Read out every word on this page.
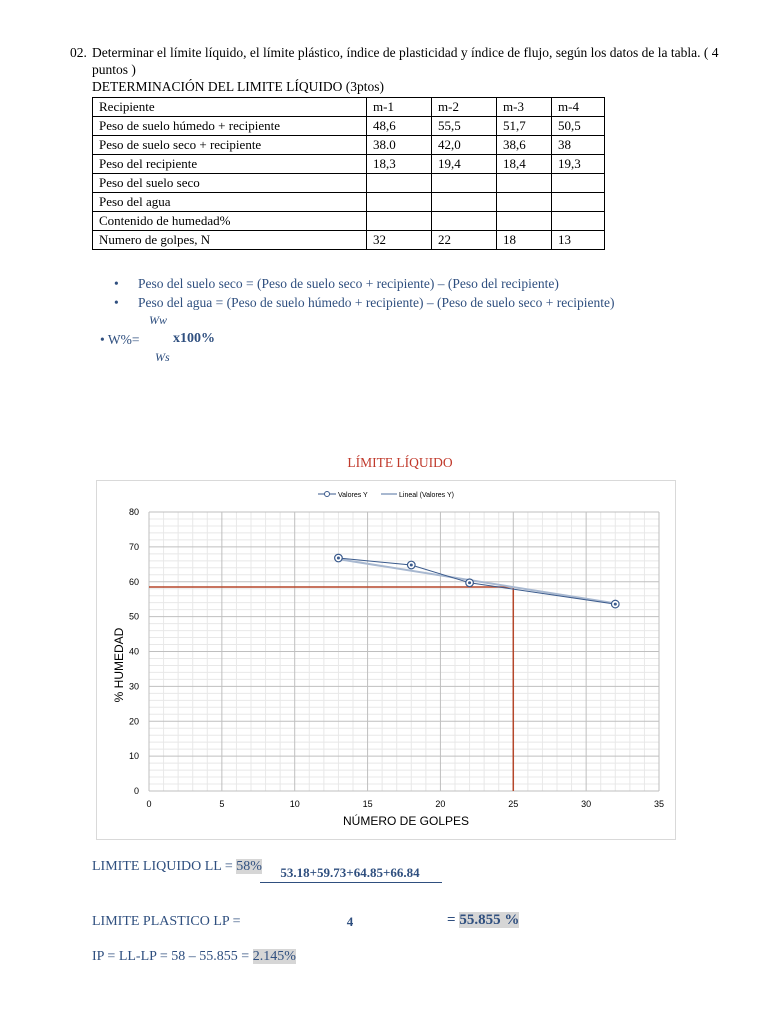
02. Determinar el límite líquido, el límite plástico, índice de plasticidad y índice de flujo, según los datos de la tabla. ( 4 puntos )
DETERMINACIÓN DEL LIMITE LÍQUIDO (3ptos)
Recipiente	m-1	m-2	m-3	m-4
Peso de suelo húmedo + recipiente	48,6	55,5	51,7	50,5
Peso de suelo seco + recipiente	38.0	42,0	38,6	38
Peso del recipiente	18,3	19,4	18,4	19,3
Peso del suelo seco				
Peso del agua				
Contenido de humedad%				
Numero de golpes, N	32	22	18	13
• Peso del suelo seco = (Peso de suelo seco + recipiente) – (Peso del recipiente)
• Peso del agua = (Peso de suelo húmedo + recipiente) – (Peso de suelo seco + recipiente)
Ww
• W%= x100%
Ws
LÍMITE LÍQUIDO
0	5	10	15	20	25	30	35
0
10
20
30
40
50
60
70
80
Valores Y	Lineal (Valores Y)
NÚMERO DE GOLPES
% HUMEDAD
LIMITE LIQUIDO LL = 58%	53.18+59.73+64.85+66.84
LIMITE PLASTICO LP =	4	= 55.855 %
IP = LL-LP = 58 – 55.855 = 2.145%
